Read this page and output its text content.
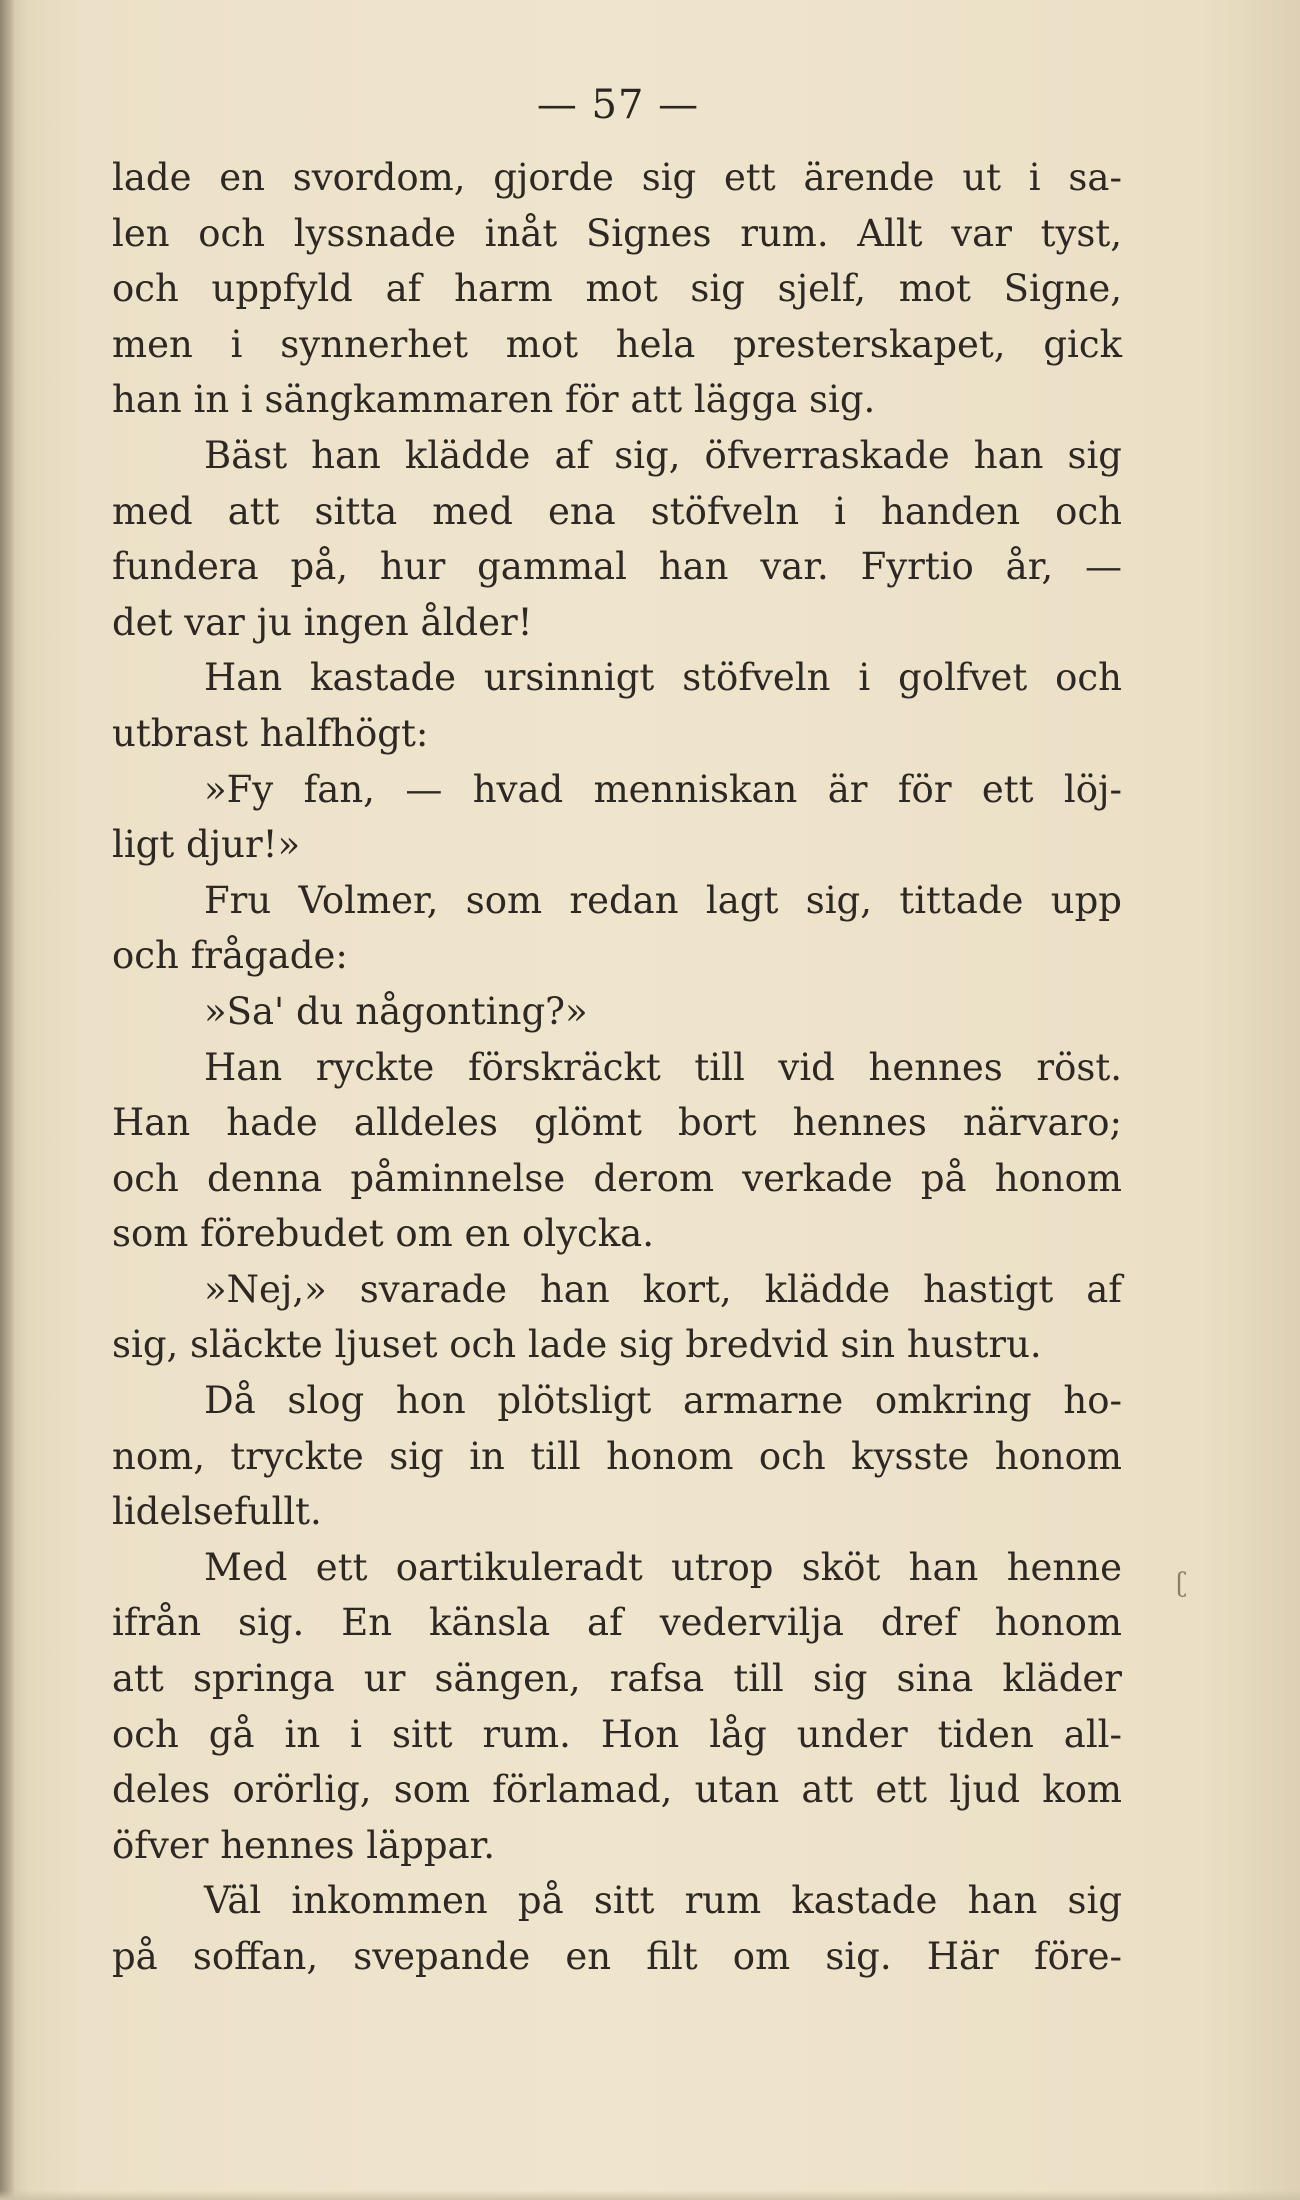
— 57 —
lade en svordom, gjorde sig ett ärende ut i sa-
len och lyssnade inåt Signes rum. Allt var tyst,
och uppfyld af harm mot sig sjelf, mot Signe,
men i synnerhet mot hela presterskapet, gick
han in i sängkammaren för att lägga sig.
Bäst han klädde af sig, öfverraskade han sig
med att sitta med ena stöfveln i handen och
fundera på, hur gammal han var. Fyrtio år, —
det var ju ingen ålder!
Han kastade ursinnigt stöfveln i golfvet och
utbrast halfhögt:
»Fy fan, — hvad menniskan är för ett löj-
ligt djur!»
Fru Volmer, som redan lagt sig, tittade upp
och frågade:
»Sa' du någonting?»
Han ryckte förskräckt till vid hennes röst.
Han hade alldeles glömt bort hennes närvaro;
och denna påminnelse derom verkade på honom
som förebudet om en olycka.
»Nej,» svarade han kort, klädde hastigt af
sig, släckte ljuset och lade sig bredvid sin hustru.
Då slog hon plötsligt armarne omkring ho-
nom, tryckte sig in till honom och kysste honom
lidelsefullt.
Med ett oartikuleradt utrop sköt han henne
ifrån sig. En känsla af vedervilja dref honom
att springa ur sängen, rafsa till sig sina kläder
och gå in i sitt rum. Hon låg under tiden all-
deles orörlig, som förlamad, utan att ett ljud kom
öfver hennes läppar.
Väl inkommen på sitt rum kastade han sig
på soffan, svepande en filt om sig. Här före-
ʗ
